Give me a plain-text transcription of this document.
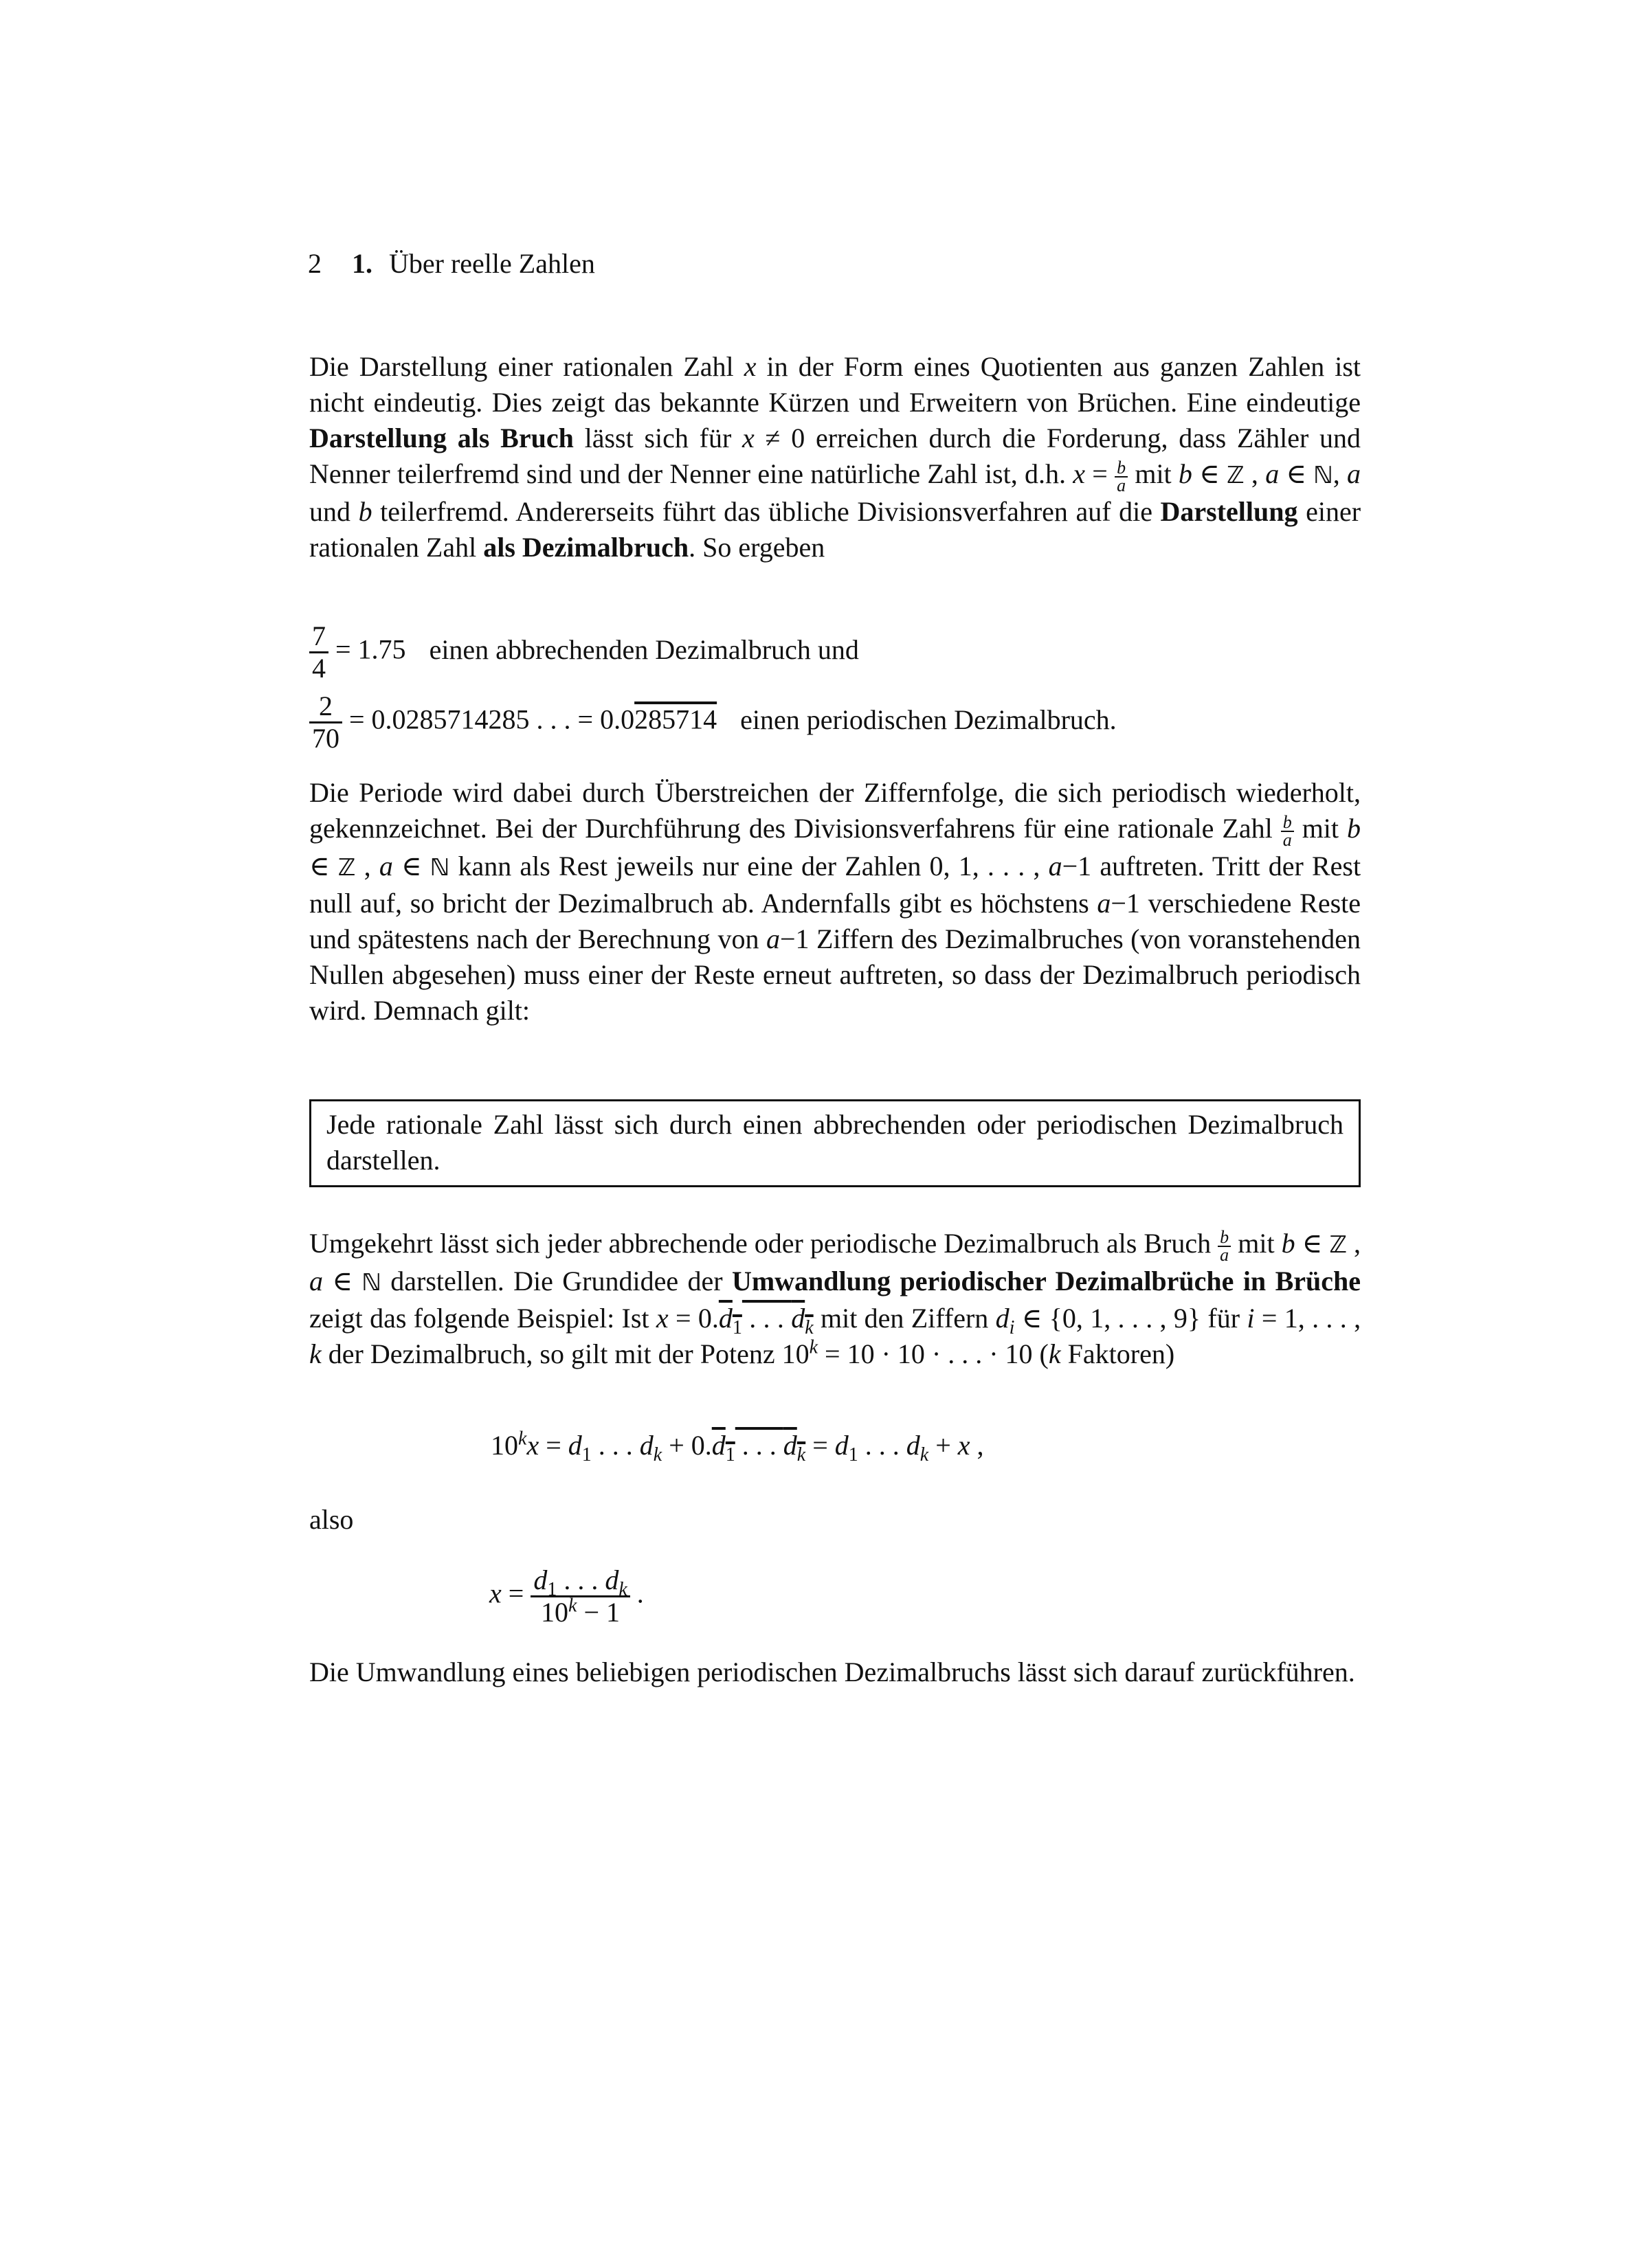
2 1. Über reelle Zahlen
Die Darstellung einer rationalen Zahl x in der Form eines Quotienten aus ganzen Zahlen ist nicht eindeutig. Dies zeigt das bekannte Kürzen und Erweitern von Brüchen. Eine eindeutige Darstellung als Bruch lässt sich für x ≠ 0 erreichen durch die Forderung, dass Zähler und Nenner teilerfremd sind und der Nenner eine natürliche Zahl ist, d.h. $x = \frac{b}{a}$ mit b ∈ ℤ , a ∈ ℕ, a und b teilerfremd. Andererseits führt das übliche Divisionsverfahren auf die Darstellung einer rationalen Zahl als Dezimalbruch. So ergeben
$\frac{7}{4} = 1.75$ einen abbrechenden Dezimalbruch und
$\frac{2}{70} = 0.0285714285$ . . . = 0.0285714 einen periodischen Dezimalbruch.
Die Periode wird dabei durch Überstreichen der Ziffernfolge, die sich periodisch wiederholt, gekennzeichnet. Bei der Durchführung des Divisionsverfahrens für eine rationale Zahl $\frac{b}{a}$ mit b ∈ ℤ , a ∈ ℕ kann als Rest jeweils nur eine der Zahlen 0, 1, . . . , a−1 auftreten. Tritt der Rest null auf, so bricht der Dezimalbruch ab. Andernfalls gibt es höchstens a−1 verschiedene Reste und spätestens nach der Berechnung von a−1 Ziffern des Dezimalbruches (von voranstehenden Nullen abgesehen) muss einer der Reste erneut auftreten, so dass der Dezimalbruch periodisch wird. Demnach gilt:
Jede rationale Zahl lässt sich durch einen abbrechenden oder periodischen Dezimalbruch darstellen.
Umgekehrt lässt sich jeder abbrechende oder periodische Dezimalbruch als Bruch $\frac{b}{a}$ mit b ∈ ℤ , a ∈ ℕ darstellen. Die Grundidee der Umwandlung periodischer Dezimalbrüche in Brüche zeigt das folgende Beispiel: Ist $x = 0.d_1$ . . . $d_k$ mit den Ziffern $d_i$ ∈ {0, 1, . . . , 9} für i = 1, . . . , k der Dezimalbruch, so gilt mit der Potenz $10^k = 10 \cdot 10$ · . . . · 10 (k Faktoren)
$10^kx = d_1$ . . . $d_k + 0.d_1$ . . . $d_k = d_1$ . . . $d_k + x$ ,
also
$x = \frac{d_1 . . . d_k}{10^k - 1}$ .
Die Umwandlung eines beliebigen periodischen Dezimalbruchs lässt sich darauf zurückführen.
